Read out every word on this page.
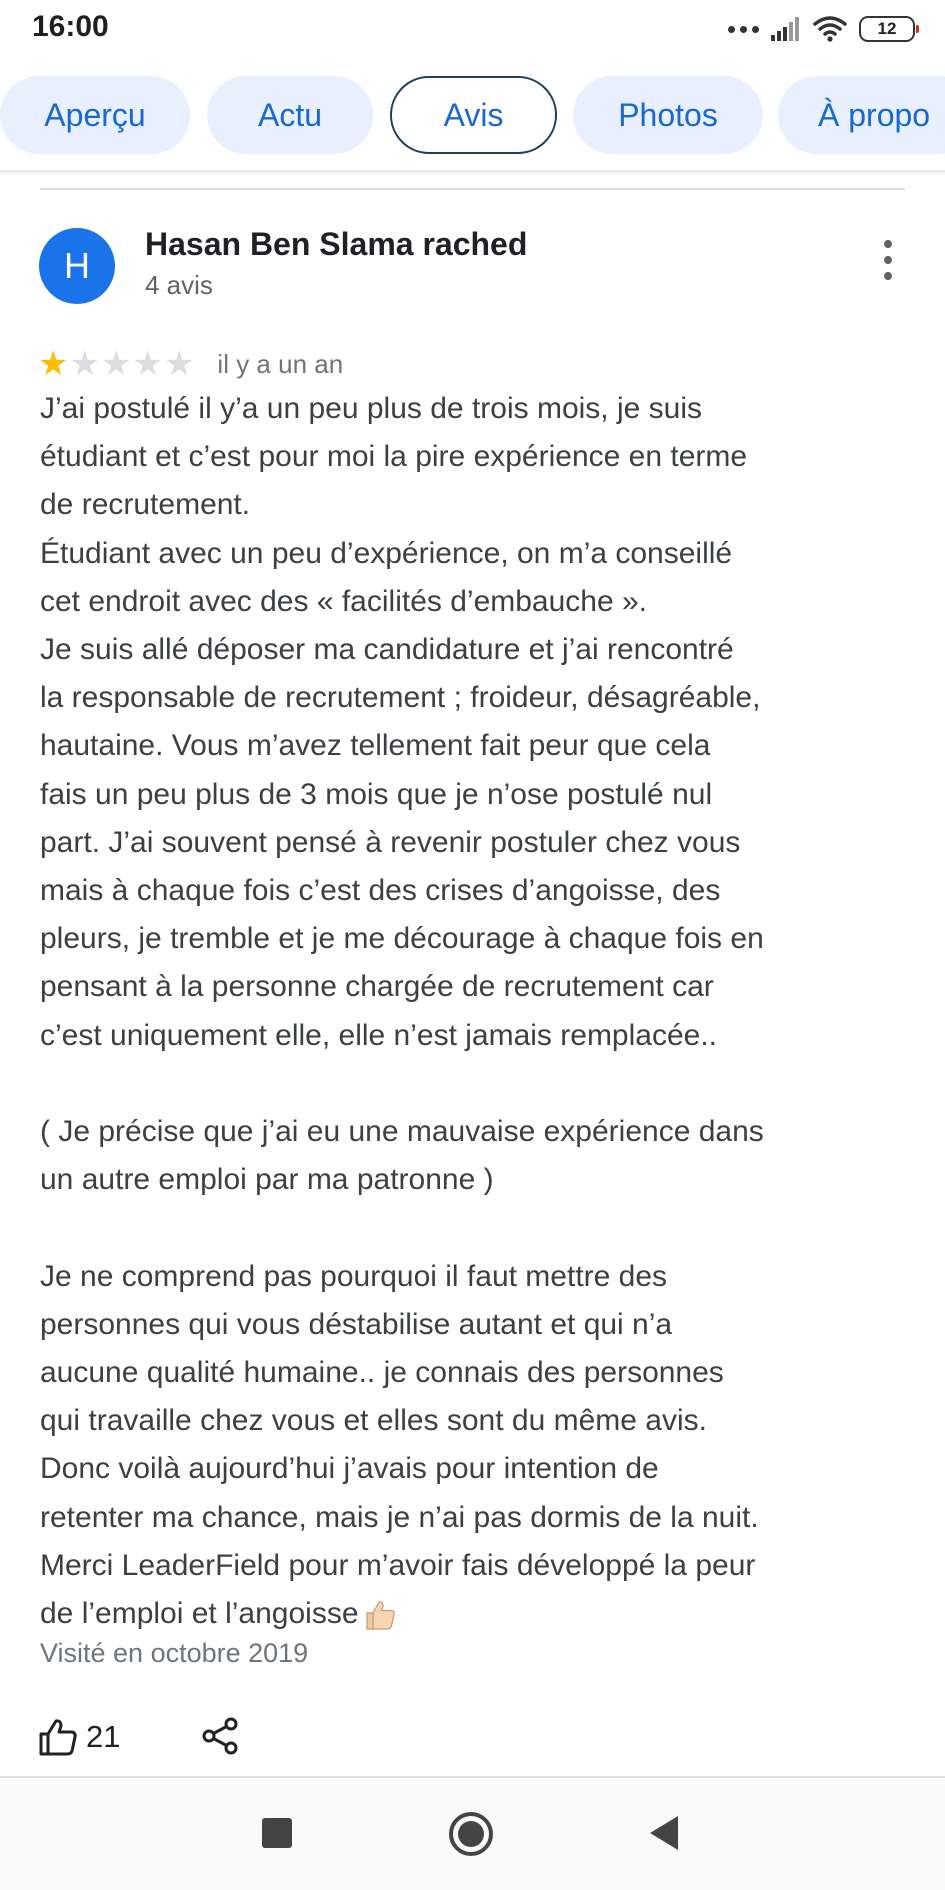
16:00	12
Aperçu	Actu	Avis	Photos	À propo
H
Hasan Ben Slama rached
4 avis
★ ★ ★ ★ ★ il y a un an

J’ai postulé il y’a un peu plus de trois mois, je suis

étudiant et c’est pour moi la pire expérience en terme

de recrutement.

Étudiant avec un peu d’expérience, on m’a conseillé

cet endroit avec des « facilités d’embauche ».

Je suis allé déposer ma candidature et j’ai rencontré

la responsable de recrutement ; froideur, désagréable,

hautaine. Vous m’avez tellement fait peur que cela

fais un peu plus de 3 mois que je n’ose postulé nul

part. J’ai souvent pensé à revenir postuler chez vous

mais à chaque fois c’est des crises d’angoisse, des

pleurs, je tremble et je me décourage à chaque fois en

pensant à la personne chargée de recrutement car

c’est uniquement elle, elle n’est jamais remplacée..

( Je précise que j’ai eu une mauvaise expérience dans

un autre emploi par ma patronne )

Je ne comprend pas pourquoi il faut mettre des

personnes qui vous déstabilise autant et qui n’a

aucune qualité humaine.. je connais des personnes

qui travaille chez vous et elles sont du même avis.

Donc voilà aujourd’hui j’avais pour intention de

retenter ma chance, mais je n’ai pas dormis de la nuit.

Merci LeaderField pour m’avoir fais développé la peur

de l’emploi et l’angoisse

Visité en octobre 2019
21
